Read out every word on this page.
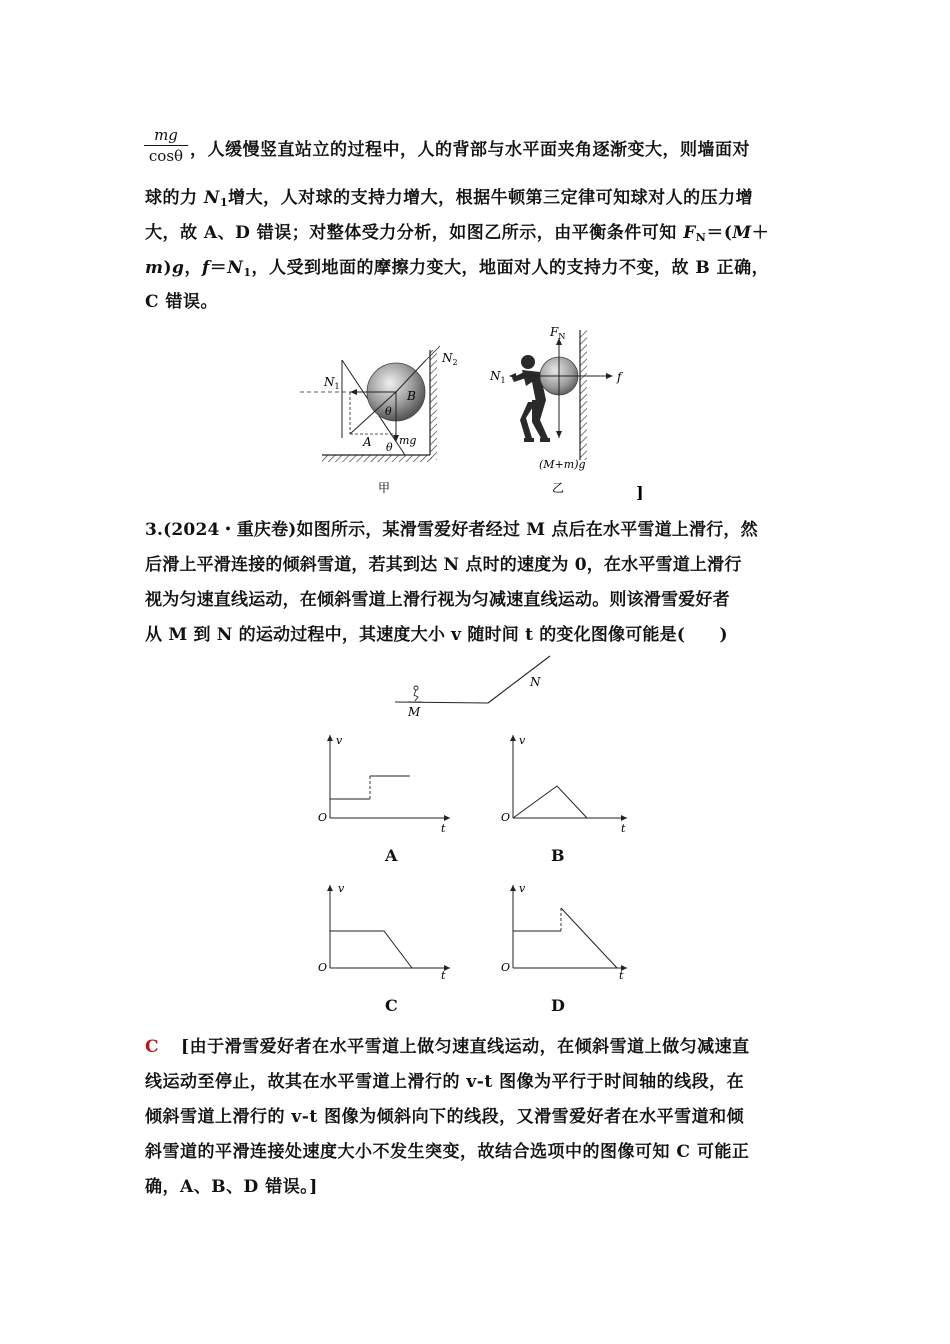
$\frac{mg}{\cos\theta}$ ，人缓慢竖直站立的过程中，人的背部与水平面夹角逐渐变大，则墙面对
球的力 $N_1$增大，人对球的支持力增大，根据牛顿第三定律可知球对人的压力增
大，故 A、D 错误；对整体受力分析，如图乙所示，由平衡条件可知 $F_N=(M+$
m)g，$f=N_1$，人受到地面的摩擦力变大，地面对人的支持力不变，故 B 正确，
C 错误。
$N_1$
$N_2$
B
A
θ
θ
mg
甲
$F_N$
$N_1$	f
(M+m)g
乙	]
3.(2024・重庆卷)如图所示，某滑雪爱好者经过 M 点后在水平雪道上滑行，然
后滑上平滑连接的倾斜雪道，若其到达 N 点时的速度为 0，在水平雪道上滑行
视为匀速直线运动，在倾斜雪道上滑行视为匀减速直线运动。则该滑雪爱好者
从 M 到 N 的运动过程中，其速度大小 v 随时间 t 的变化图像可能是(　　)
M
N
v
t
O
A
v
t
O
B
v
t
O
C
v
t
O
D
C [由于滑雪爱好者在水平雪道上做匀速直线运动，在倾斜雪道上做匀减速直
线运动至停止，故其在水平雪道上滑行的 v-t 图像为平行于时间轴的线段，在
倾斜雪道上滑行的 v-t 图像为倾斜向下的线段，又滑雪爱好者在水平雪道和倾
斜雪道的平滑连接处速度大小不发生突变，故结合选项中的图像可知 C 可能正
确，A、B、D 错误。]
